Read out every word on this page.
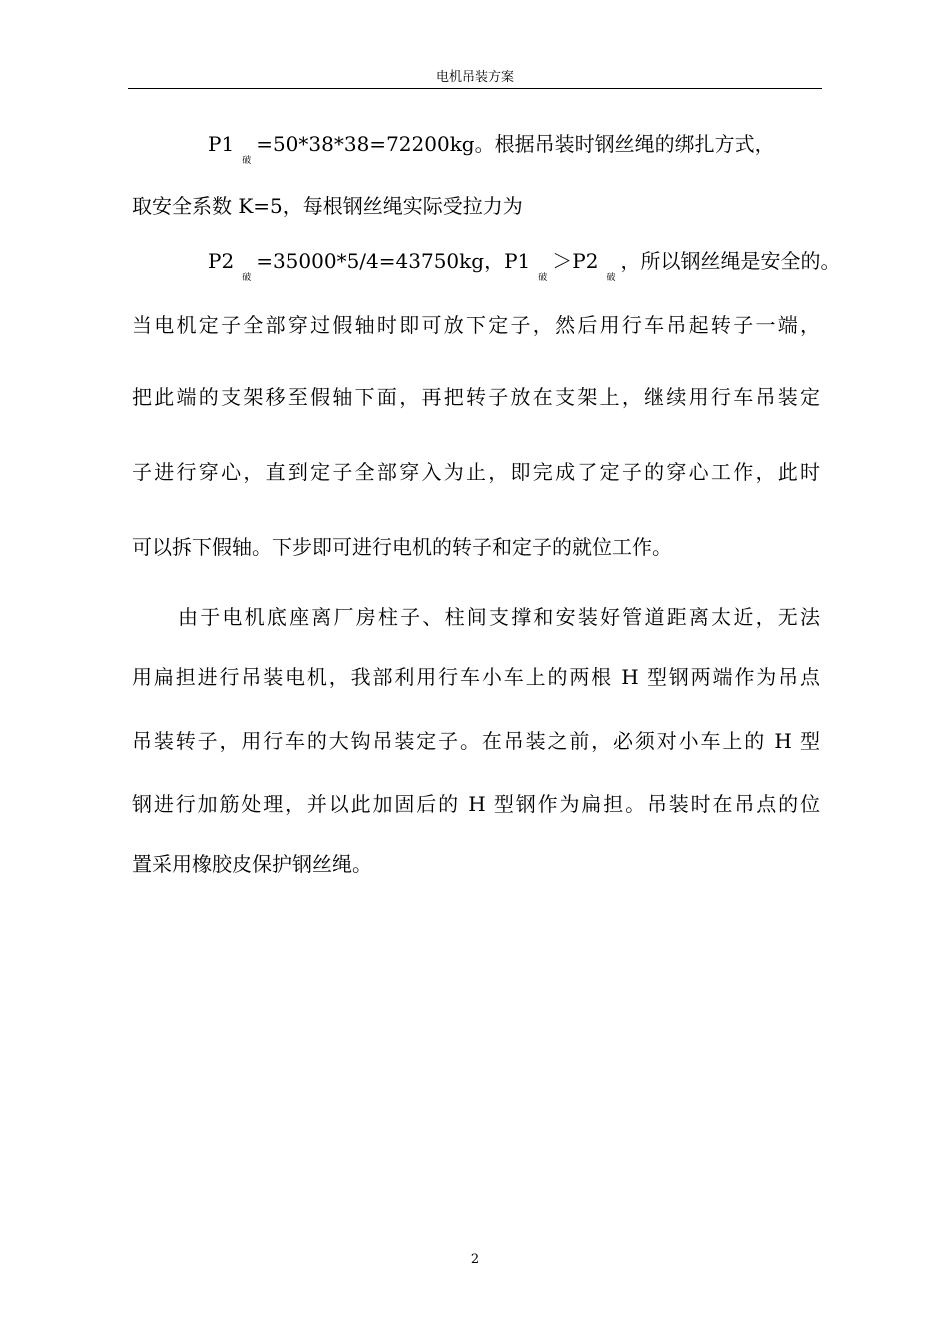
电机吊装方案
$P1_破=50*38*38=72200kg$。根据吊装时钢丝绳的绑扎方式，
取安全系数 K=5，每根钢丝绳实际受拉力为
$P2_破=35000*5/4=43750kg$，$P1_破>P2_破$，所以钢丝绳是安全的。
当电机定子全部穿过假轴时即可放下定子，然后用行车吊起转子一端，
把此端的支架移至假轴下面，再把转子放在支架上，继续用行车吊装定
子进行穿心，直到定子全部穿入为止，即完成了定子的穿心工作，此时
可以拆下假轴。下步即可进行电机的转子和定子的就位工作。
由于电机底座离厂房柱子、柱间支撑和安装好管道距离太近，无法
用扁担进行吊装电机，我部利用行车小车上的两根 H 型钢两端作为吊点
吊装转子，用行车的大钩吊装定子。在吊装之前，必须对小车上的 H 型
钢进行加筋处理，并以此加固后的 H 型钢作为扁担。吊装时在吊点的位
置采用橡胶皮保护钢丝绳。
2
